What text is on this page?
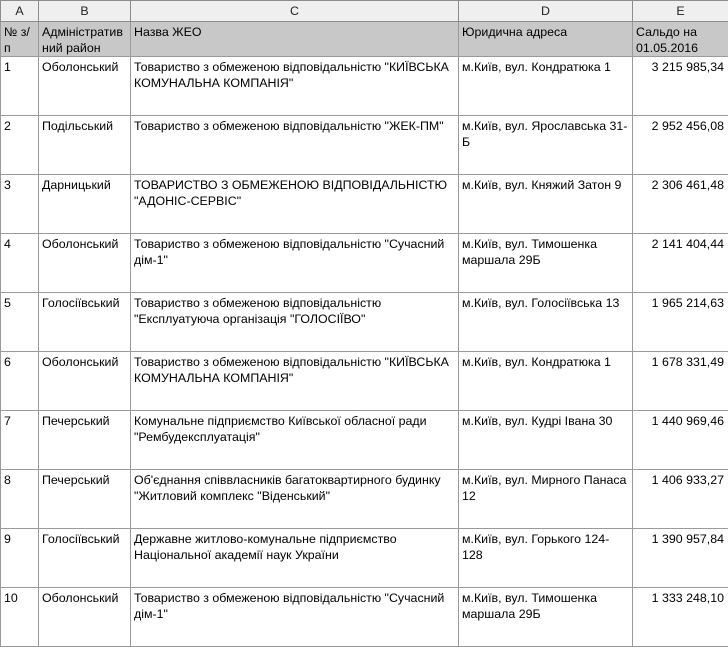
A	B	C	D	E

№ з/п	Адміністративний район	Назва ЖЕО	Юридична адреса	Сальдо на 01.05.2016

1	Оболонський	Товариство з обмеженою відповідальністю "КИЇВСЬКА КОМУНАЛЬНА КОМПАНІЯ"	м.Київ, вул. Кондратюка 1	3 215 985,34

2	Подільський	Товариство з обмеженою відповідальністю "ЖЕК-ПМ"	м.Київ, вул. Ярославська 31-Б	2 952 456,08

3	Дарницький	ТОВАРИСТВО З ОБМЕЖЕНОЮ ВІДПОВІДАЛЬНІСТЮ "АДОНІС-СЕРВІС"	м.Київ, вул. Княжий Затон 9	2 306 461,48

4	Оболонський	Товариство з обмеженою відповідальністю "Сучасний дім-1"	м.Київ, вул. Тимошенка маршала 29Б	2 141 404,44

5	Голосіївський	Товариство з обмеженою відповідальністю "Експлуатуюча організація "ГОЛОСІЇВО"	м.Київ, вул. Голосіївська 13	1 965 214,63

6	Оболонський	Товариство з обмеженою відповідальністю "КИЇВСЬКА КОМУНАЛЬНА КОМПАНІЯ"	м.Київ, вул. Кондратюка 1	1 678 331,49

7	Печерський	Комунальне підприємство Київської обласної ради "Рембудексплуатація"	м.Київ, вул. Кудрі Івана 30	1 440 969,46

8	Печерський	Об'єднання співвласників багатоквартирного будинку "Житловий комплекс "Віденський"	м.Київ, вул. Мирного Панаса 12	1 406 933,27

9	Голосіївський	Державне житлово-комунальне підприємство Національної академії наук України	м.Київ, вул. Горького 124-128	1 390 957,84

10	Оболонський	Товариство з обмеженою відповідальністю "Сучасний дім-1"	м.Київ, вул. Тимошенка маршала 29Б	1 333 248,10
